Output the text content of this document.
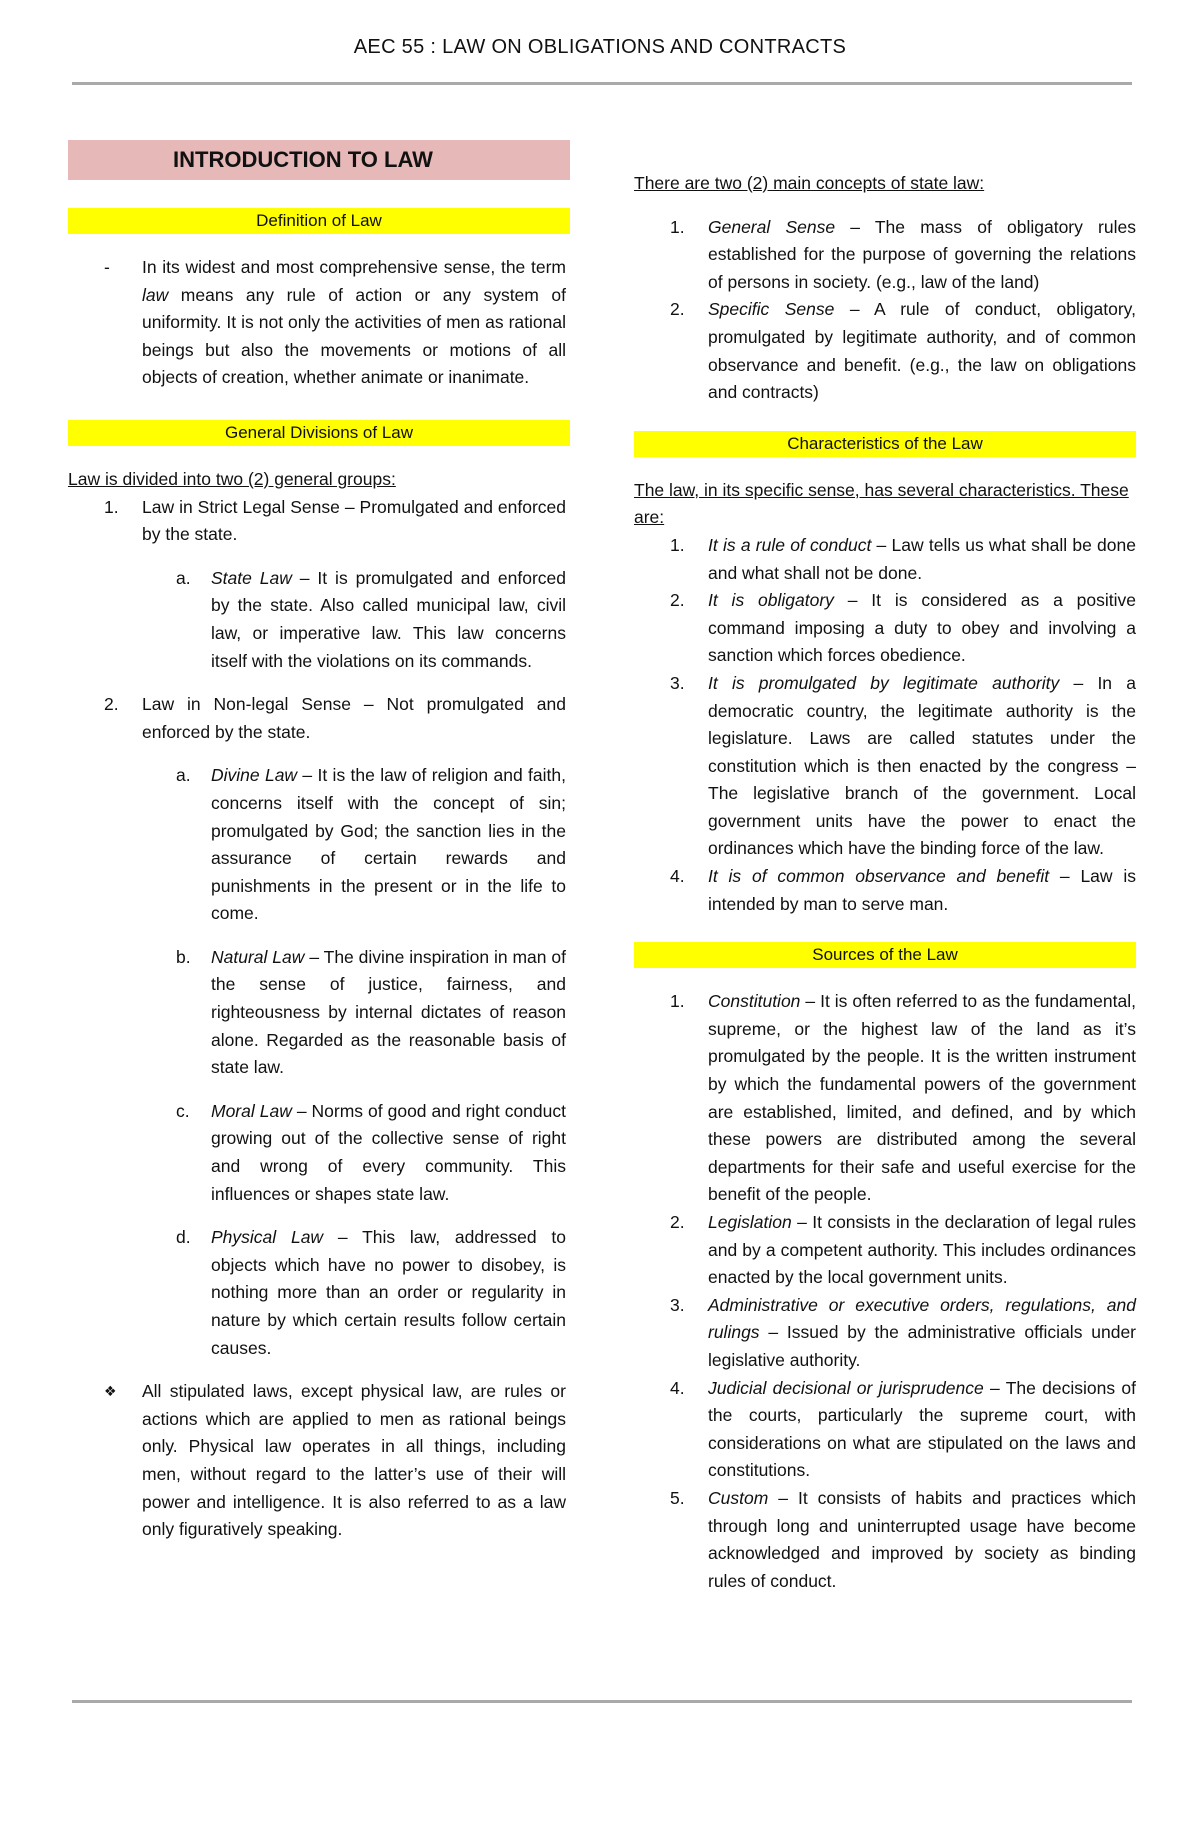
AEC 55 : LAW ON OBLIGATIONS AND CONTRACTS
INTRODUCTION TO LAW
Definition of Law
-	In its widest and most comprehensive sense, the term law means any rule of action or any system of uniformity. It is not only the activities of men as rational beings but also the movements or motions of all objects of creation, whether animate or inanimate.
General Divisions of Law
Law is divided into two (2) general groups:
1.	Law in Strict Legal Sense – Promulgated and enforced by the state.
a.	State Law – It is promulgated and enforced by the state. Also called municipal law, civil law, or imperative law. This law concerns itself with the violations on its commands.
2.	Law in Non-legal Sense – Not promulgated and enforced by the state.
a.	Divine Law – It is the law of religion and faith, concerns itself with the concept of sin; promulgated by God; the sanction lies in the assurance of certain rewards and punishments in the present or in the life to come.
b.	Natural Law – The divine inspiration in man of the sense of justice, fairness, and righteousness by internal dictates of reason alone. Regarded as the reasonable basis of state law.
c.	Moral Law – Norms of good and right conduct growing out of the collective sense of right and wrong of every community. This influences or shapes state law.
d.	Physical Law – This law, addressed to objects which have no power to disobey, is nothing more than an order or regularity in nature by which certain results follow certain causes.
❖	All stipulated laws, except physical law, are rules or actions which are applied to men as rational beings only. Physical law operates in all things, including men, without regard to the latter’s use of their will power and intelligence. It is also referred to as a law only figuratively speaking.
There are two (2) main concepts of state law:
1.	General Sense – The mass of obligatory rules established for the purpose of governing the relations of persons in society. (e.g., law of the land)
2.	Specific Sense – A rule of conduct, obligatory, promulgated by legitimate authority, and of common observance and benefit. (e.g., the law on obligations and contracts)
Characteristics of the Law
The law, in its specific sense, has several characteristics. These are:
1.	It is a rule of conduct – Law tells us what shall be done and what shall not be done.
2.	It is obligatory – It is considered as a positive command imposing a duty to obey and involving a sanction which forces obedience.
3.	It is promulgated by legitimate authority – In a democratic country, the legitimate authority is the legislature. Laws are called statutes under the constitution which is then enacted by the congress – The legislative branch of the government. Local government units have the power to enact the ordinances which have the binding force of the law.
4.	It is of common observance and benefit – Law is intended by man to serve man.
Sources of the Law
1.	Constitution – It is often referred to as the fundamental, supreme, or the highest law of the land as it’s promulgated by the people. It is the written instrument by which the fundamental powers of the government are established, limited, and defined, and by which these powers are distributed among the several departments for their safe and useful exercise for the benefit of the people.
2.	Legislation – It consists in the declaration of legal rules and by a competent authority. This includes ordinances enacted by the local government units.
3.	Administrative or executive orders, regulations, and rulings – Issued by the administrative officials under legislative authority.
4.	Judicial decisional or jurisprudence – The decisions of the courts, particularly the supreme court, with considerations on what are stipulated on the laws and constitutions.
5.	Custom – It consists of habits and practices which through long and uninterrupted usage have become acknowledged and improved by society as binding rules of conduct.
